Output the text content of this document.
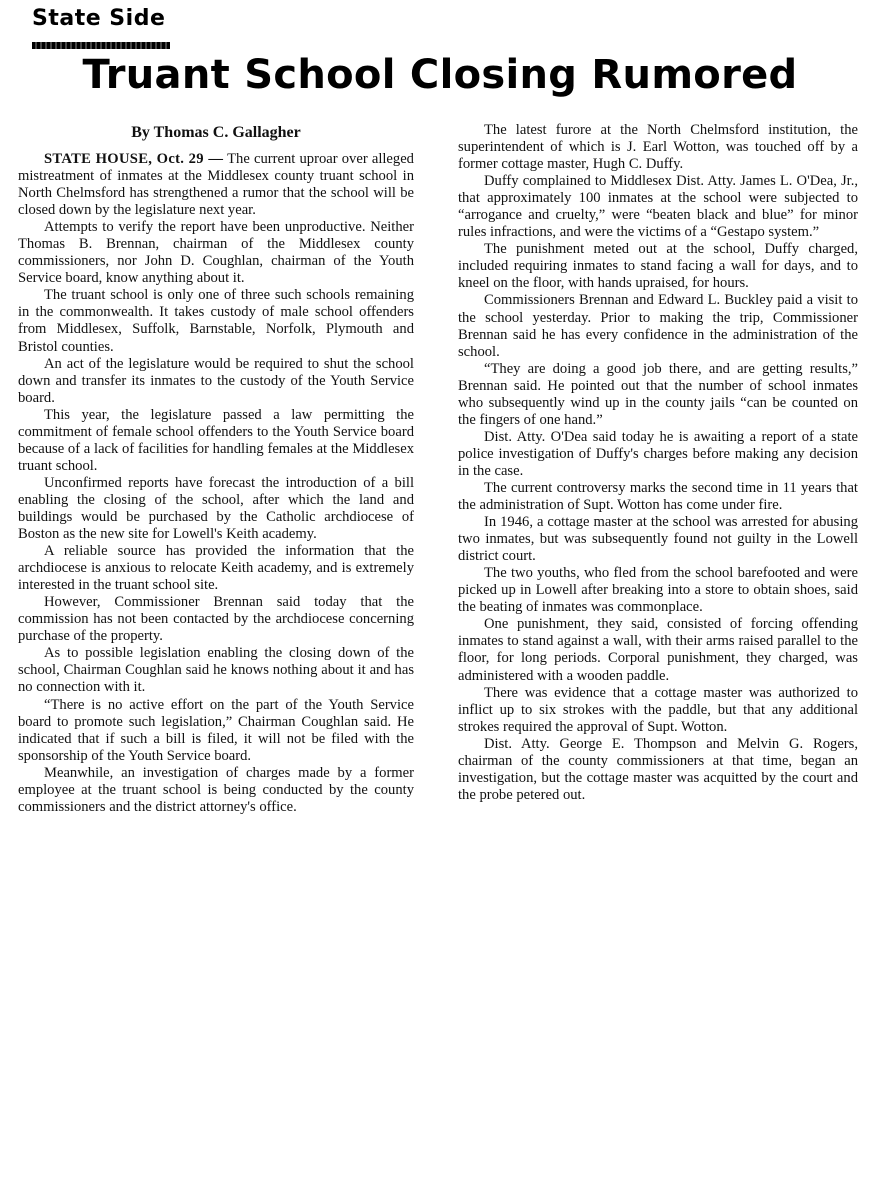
State Side
Truant School Closing Rumored
By Thomas C. Gallagher

STATE HOUSE, Oct. 29 — The current uproar over alleged mistreatment of inmates at the Middlesex county truant school in North Chelmsford has strengthened a rumor that the school will be closed down by the legislature next year.

Attempts to verify the report have been unproductive. Neither Thomas B. Brennan, chairman of the Middlesex county commissioners, nor John D. Coughlan, chairman of the Youth Service board, know anything about it.

The truant school is only one of three such schools remaining in the commonwealth. It takes custody of male school offenders from Middlesex, Suffolk, Barnstable, Norfolk, Plymouth and Bristol counties.

An act of the legislature would be required to shut the school down and transfer its inmates to the custody of the Youth Service board.

This year, the legislature passed a law permitting the commitment of female school offenders to the Youth Service board because of a lack of facilities for handling females at the Middlesex truant school.

Unconfirmed reports have forecast the introduction of a bill enabling the closing of the school, after which the land and buildings would be purchased by the Catholic archdiocese of Boston as the new site for Lowell's Keith academy.

A reliable source has provided the information that the archdiocese is anxious to relocate Keith academy, and is extremely interested in the truant school site.

However, Commissioner Brennan said today that the commission has not been contacted by the archdiocese concerning purchase of the property.

As to possible legislation enabling the closing down of the school, Chairman Coughlan said he knows nothing about it and has no connection with it.

“There is no active effort on the part of the Youth Service board to promote such legislation,” Chairman Coughlan said. He indicated that if such a bill is filed, it will not be filed with the sponsorship of the Youth Service board.

Meanwhile, an investigation of charges made by a former employee at the truant school is being conducted by the county commissioners and the district attorney's office.

The latest furore at the North Chelmsford institution, the superintendent of which is J. Earl Wotton, was touched off by a former cottage master, Hugh C. Duffy.

Duffy complained to Middlesex Dist. Atty. James L. O'Dea, Jr., that approximately 100 inmates at the school were subjected to “arrogance and cruelty,” were “beaten black and blue” for minor rules infractions, and were the victims of a “Gestapo system.”

The punishment meted out at the school, Duffy charged, included requiring inmates to stand facing a wall for days, and to kneel on the floor, with hands upraised, for hours.

Commissioners Brennan and Edward L. Buckley paid a visit to the school yesterday. Prior to making the trip, Commissioner Brennan said he has every confidence in the administration of the school.

“They are doing a good job there, and are getting results,” Brennan said. He pointed out that the number of school inmates who subsequently wind up in the county jails “can be counted on the fingers of one hand.”

Dist. Atty. O'Dea said today he is awaiting a report of a state police investigation of Duffy's charges before making any decision in the case.

The current controversy marks the second time in 11 years that the administration of Supt. Wotton has come under fire.

In 1946, a cottage master at the school was arrested for abusing two inmates, but was subsequently found not guilty in the Lowell district court.

The two youths, who fled from the school barefooted and were picked up in Lowell after breaking into a store to obtain shoes, said the beating of inmates was commonplace.

One punishment, they said, consisted of forcing offending inmates to stand against a wall, with their arms raised parallel to the floor, for long periods. Corporal punishment, they charged, was administered with a wooden paddle.

There was evidence that a cottage master was authorized to inflict up to six strokes with the paddle, but that any additional strokes required the approval of Supt. Wotton.

Dist. Atty. George E. Thompson and Melvin G. Rogers, chairman of the county commissioners at that time, began an investigation, but the cottage master was acquitted by the court and the probe petered out.
